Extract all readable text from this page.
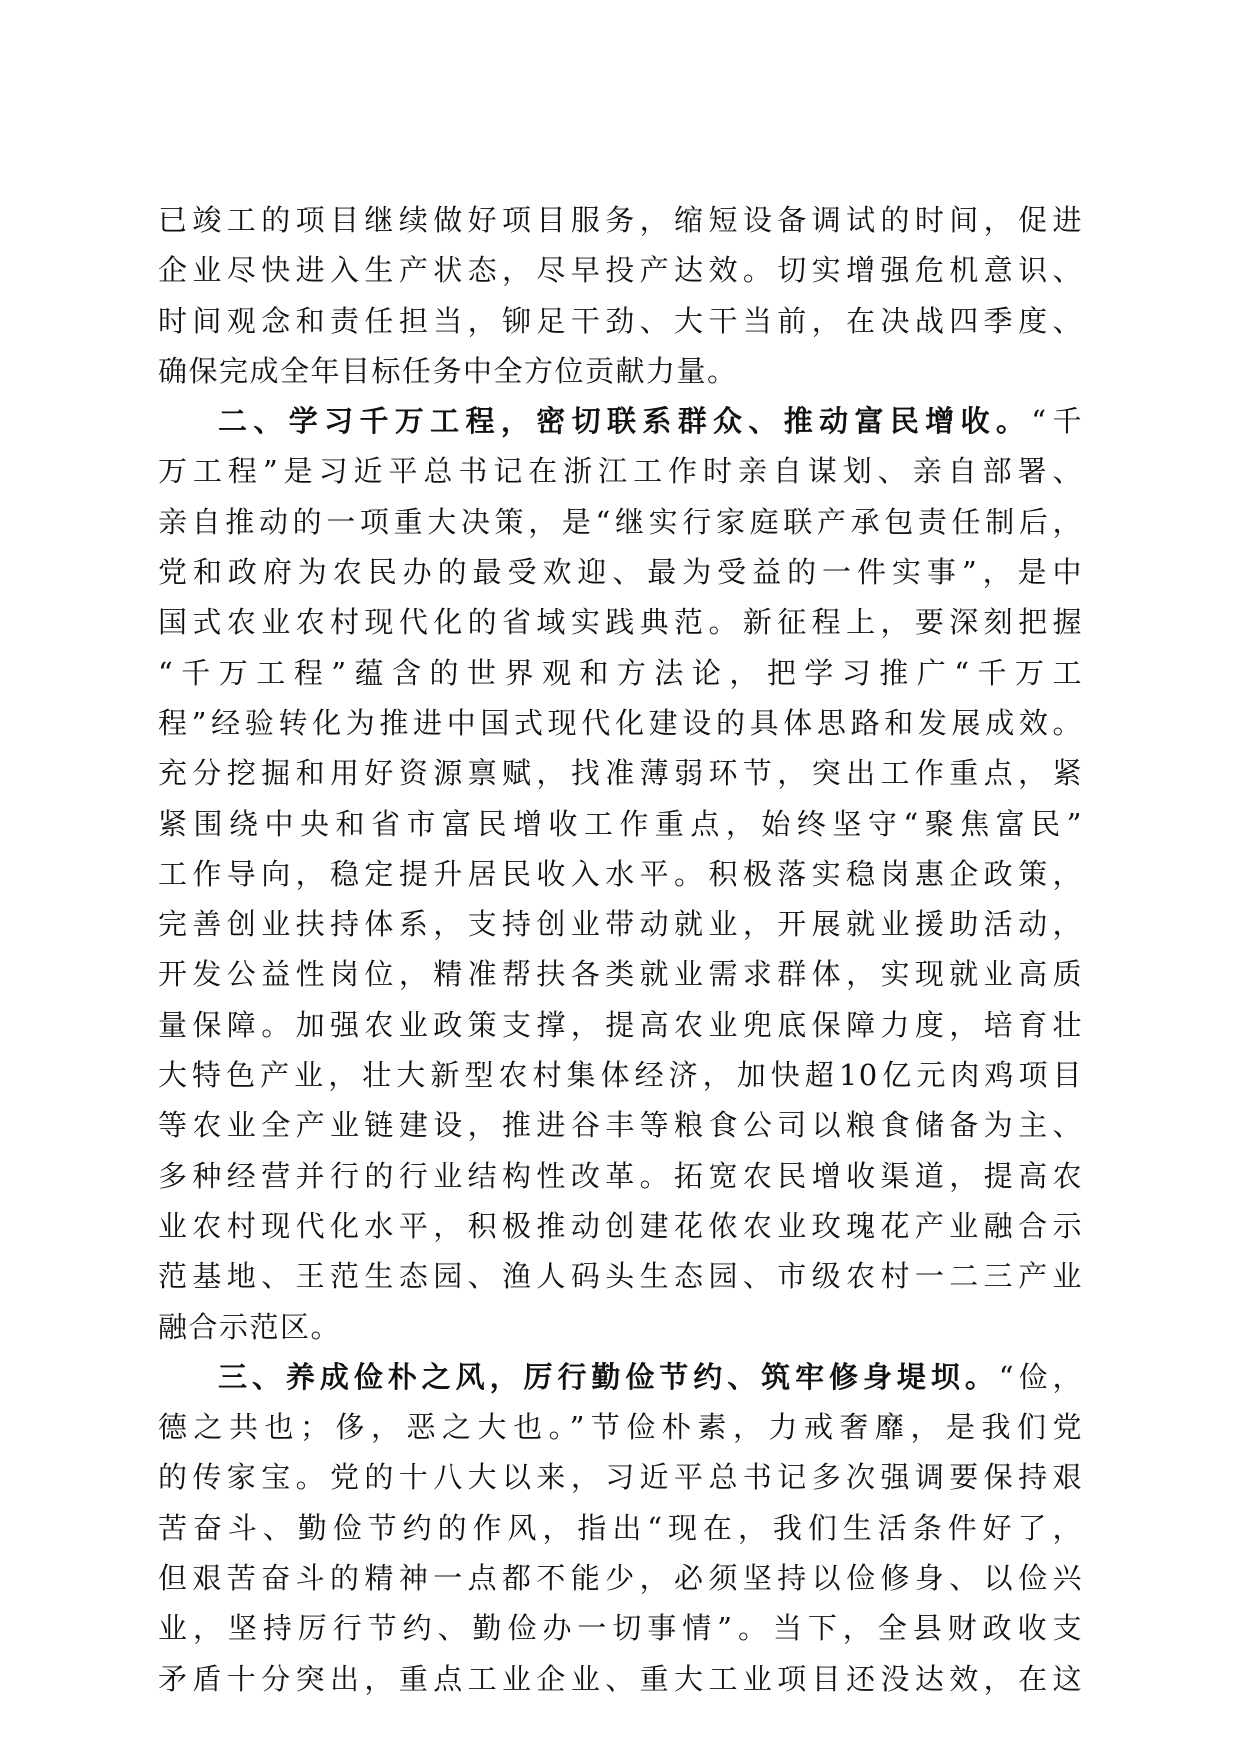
已竣工的项目继续做好项目服务，缩短设备调试的时间，促进
企业尽快进入生产状态，尽早投产达效。切实增强危机意识、
时间观念和责任担当，铆足干劲、大干当前，在决战四季度、
确保完成全年目标任务中全方位贡献力量。
二、学习千万工程，密切联系群众、推动富民增收。“千
万工程”是习近平总书记在浙江工作时亲自谋划、亲自部署、
亲自推动的一项重大决策，是“继实行家庭联产承包责任制后，
党和政府为农民办的最受欢迎、最为受益的一件实事”，是中
国式农业农村现代化的省域实践典范。新征程上，要深刻把握
“千万工程”蕴含的世界观和方法论，把学习推广“千万工
程”经验转化为推进中国式现代化建设的具体思路和发展成效。
充分挖掘和用好资源禀赋，找准薄弱环节，突出工作重点，紧
紧围绕中央和省市富民增收工作重点，始终坚守“聚焦富民”
工作导向，稳定提升居民收入水平。积极落实稳岗惠企政策，
完善创业扶持体系，支持创业带动就业，开展就业援助活动，
开发公益性岗位，精准帮扶各类就业需求群体，实现就业高质
量保障。加强农业政策支撑，提高农业兜底保障力度，培育壮
大特色产业，壮大新型农村集体经济，加快超10亿元肉鸡项目
等农业全产业链建设，推进谷丰等粮食公司以粮食储备为主、
多种经营并行的行业结构性改革。拓宽农民增收渠道，提高农
业农村现代化水平，积极推动创建花侬农业玫瑰花产业融合示
范基地、王范生态园、渔人码头生态园、市级农村一二三产业
融合示范区。
三、养成俭朴之风，厉行勤俭节约、筑牢修身堤坝。“俭，
德之共也；侈，恶之大也。”节俭朴素，力戒奢靡，是我们党
的传家宝。党的十八大以来，习近平总书记多次强调要保持艰
苦奋斗、勤俭节约的作风，指出“现在，我们生活条件好了，
但艰苦奋斗的精神一点都不能少，必须坚持以俭修身、以俭兴
业，坚持厉行节约、勤俭办一切事情”。当下，全县财政收支
矛盾十分突出，重点工业企业、重大工业项目还没达效，在这
